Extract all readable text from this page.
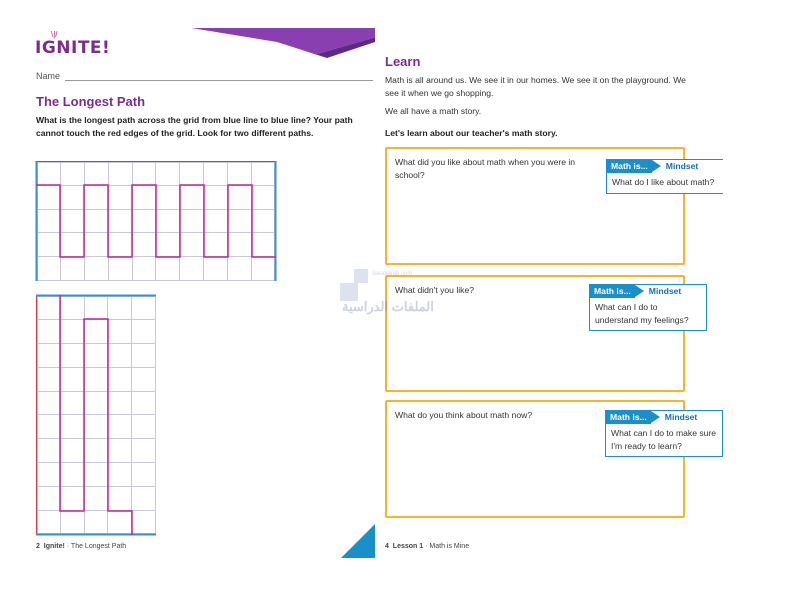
\|/
IGNITE!
Name
The Longest Path
What is the longest path across the grid from blue line to blue line? Your path cannot touch the red edges of the grid. Look for two different paths.
2 Ignite! · The Longest Path
Learn
Math is all around us. We see it in our homes. We see it on the playground. We see it when we go shopping.
We all have a math story.
Let's learn about our teacher's math story.
What did you like about math when you were in school?
Math is...	Mindset
What do I like about math?
What didn't you like?	Math is...	Mindset
What can I do to understand my feelings?
What do you think about math now?	Math is...	Mindset
What can I do to make sure I'm ready to learn?
4 Lesson 1 · Math is Mine
Saudiarab.com
الملفات الدراسية
